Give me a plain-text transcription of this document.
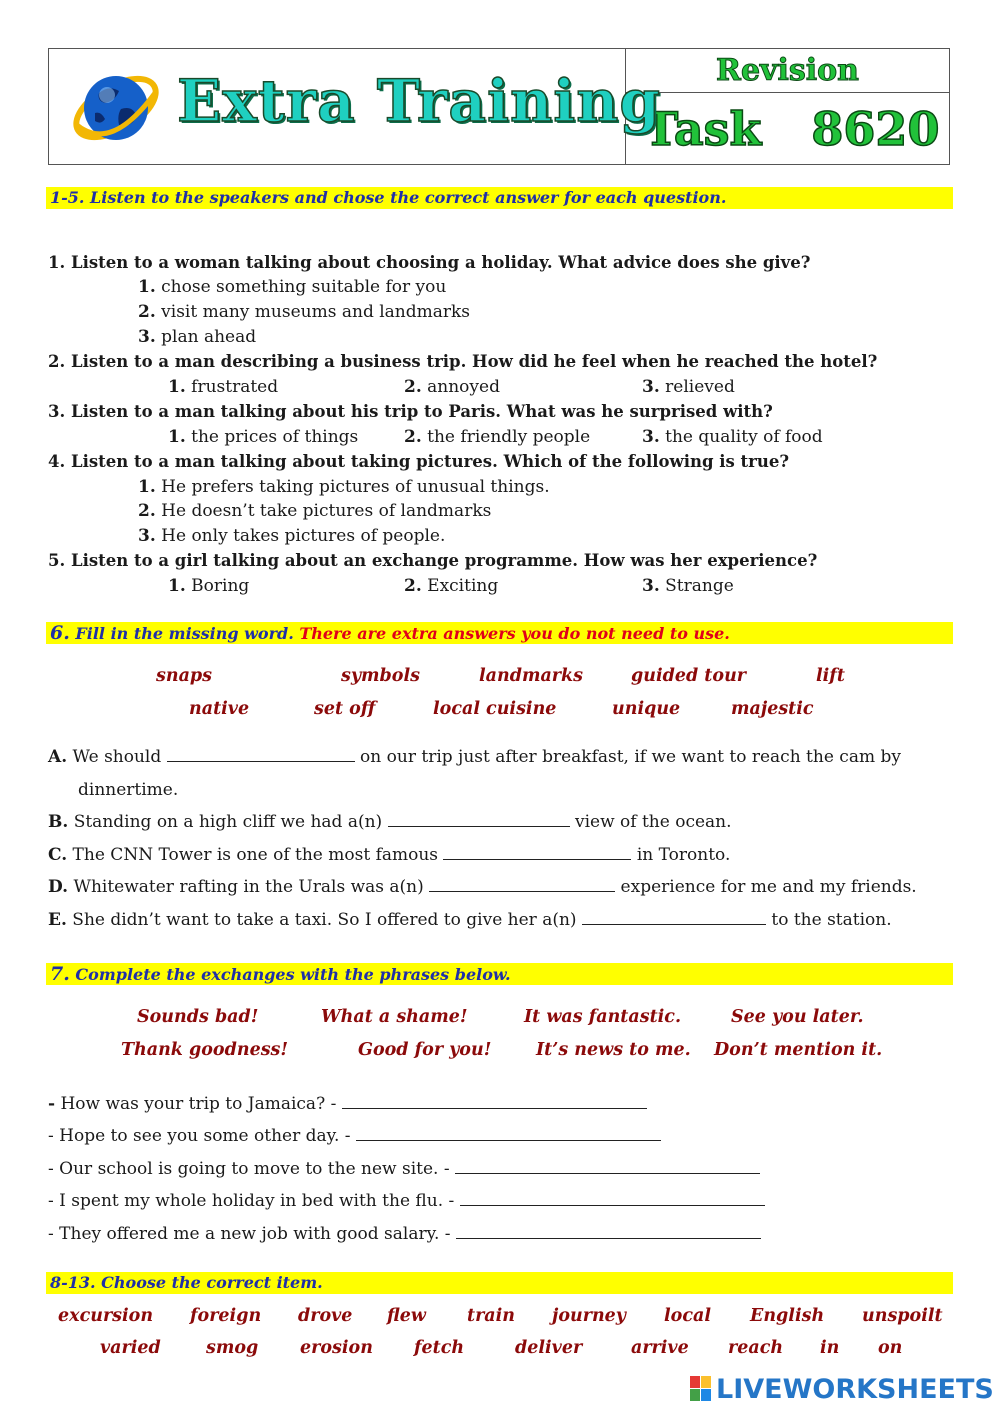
Extra Training	Revision
Task 8620
1-5. Listen to the speakers and chose the correct answer for each question.
1. Listen to a woman talking about choosing a holiday. What advice does she give?
1. chose something suitable for you
2. visit many museums and landmarks
3. plan ahead
2. Listen to a man describing a business trip. How did he feel when he reached the hotel?
1. frustrated	2. annoyed	3. relieved
3. Listen to a man talking about his trip to Paris. What was he surprised with?
1. the prices of things	2. the friendly people	3. the quality of food
4. Listen to a man talking about taking pictures. Which of the following is true?
1. He prefers taking pictures of unusual things.
2. He doesn’t take pictures of landmarks
3. He only takes pictures of people.
5. Listen to a girl talking about an exchange programme. How was her experience?
1. Boring	2. Exciting	3. Strange
6. Fill in the missing word. There are extra answers you do not need to use.
snaps	symbols	landmarks	guided tour	lift
native	set off	local cuisine	unique	majestic
A. We should	on our trip just after breakfast, if we want to reach the cam by
dinnertime.
B. Standing on a high cliff we had a(n)	view of the ocean.
C. The CNN Tower is one of the most famous	in Toronto.
D. Whitewater rafting in the Urals was a(n)	experience for me and my friends.
E. She didn’t want to take a taxi. So I offered to give her a(n)	to the station.
7. Complete the exchanges with the phrases below.
Sounds bad!	What a shame!	It was fantastic.	See you later.
Thank goodness!	Good for you!	It’s news to me. Don’t mention it.
- How was your trip to Jamaica? -
- Hope to see you some other day. -
- Our school is going to move to the new site. -
- I spent my whole holiday in bed with the flu. -
- They offered me a new job with good salary. -
8-13. Choose the correct item.
excursion foreign drove flew train journey local English unspoilt
varied	smog erosion fetch	deliver	arrive reach in on
LIVEWORKSHEETS
